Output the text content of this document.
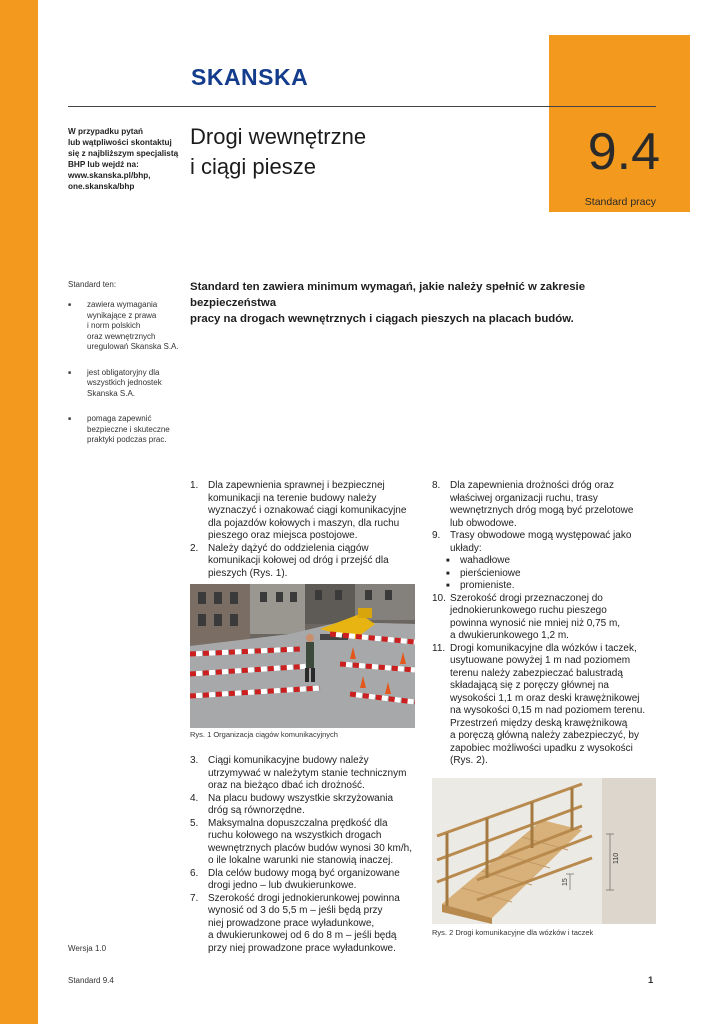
9.4
Standard pracy
SKANSKA
W przypadku pytań
lub wątpliwości skontaktuj
się z najbliższym specjalistą
BHP lub wejdź na:
www.skanska.pl/bhp,
one.skanska/bhp
Drogi wewnętrzne
i ciągi piesze
Standard ten:
■ zawiera wymagania
wynikające z prawa
i norm polskich
oraz wewnętrznych
uregulowań Skanska S.A.
■ jest obligatoryjny dla
wszystkich jednostek
Skanska S.A.
■ pomaga zapewnić
bezpieczne i skuteczne
praktyki podczas prac.
Standard ten zawiera minimum wymagań, jakie należy spełnić w zakresie bezpieczeństwa
pracy na drogach wewnętrznych i ciągach pieszych na placach budów.
1. Dla zapewnienia sprawnej i bezpiecznej
komunikacji na terenie budowy należy
wyznaczyć i oznakować ciągi komunikacyjne
dla pojazdów kołowych i maszyn, dla ruchu
pieszego oraz miejsca postojowe.
2. Należy dążyć do oddzielenia ciągów
komunikacji kołowej od dróg i przejść dla
pieszych (Rys. 1).
Rys. 1 Organizacja ciągów komunikacyjnych
3. Ciągi komunikacyjne budowy należy
utrzymywać w należytym stanie technicznym
oraz na bieżąco dbać ich drożność.
4. Na placu budowy wszystkie skrzyżowania
dróg są równorzędne.
5. Maksymalna dopuszczalna prędkość dla
ruchu kołowego na wszystkich drogach
wewnętrznych placów budów wynosi 30 km/h,
o ile lokalne warunki nie stanowią inaczej.
6. Dla celów budowy mogą być organizowane
drogi jedno – lub dwukierunkowe.
7. Szerokość drogi jednokierunkowej powinna
wynosić od 3 do 5,5 m – jeśli będą przy
niej prowadzone prace wyładunkowe,
a dwukierunkowej od 6 do 8 m – jeśli będą
przy niej prowadzone prace wyładunkowe.
8. Dla zapewnienia drożności dróg oraz
właściwej organizacji ruchu, trasy
wewnętrznych dróg mogą być przelotowe
lub obwodowe.
9. Trasy obwodowe mogą występować jako
układy:
■ wahadłowe
■ pierścieniowe
■ promieniste.
10. Szerokość drogi przeznaczonej do
jednokierunkowego ruchu pieszego
powinna wynosić nie mniej niż 0,75 m,
a dwukierunkowego 1,2 m.
11. Drogi komunikacyjne dla wózków i taczek,
usytuowane powyżej 1 m nad poziomem
terenu należy zabezpieczać balustradą
składającą się z poręczy głównej na
wysokości 1,1 m oraz deski krawężnikowej
na wysokości 0,15 m nad poziomem terenu.
Przestrzeń między deską krawężnikową
a poręczą główną należy zabezpieczyć, by
zapobiec możliwości upadku z wysokości
(Rys. 2).
110
15
Rys. 2 Drogi komunikacyjne dla wózków i taczek
Wersja 1.0
Standard 9.4	1
